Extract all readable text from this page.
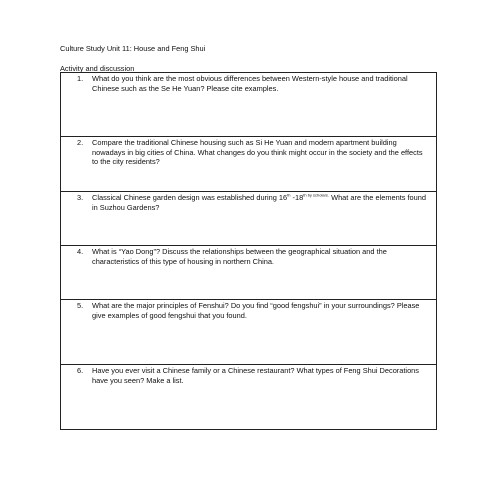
Culture Study Unit 11: House and Feng Shui
Activity and discussion
1.	What do you think are the most obvious differences between Western-style house and traditional Chinese such as the Se He Yuan? Please cite examples.

2.	Compare the traditional Chinese housing such as Si He Yuan and modern apartment building nowadays in big cities of China. What changes do you think might occur in the society and the effects to the city residents?

3.	Classical Chinese garden design was established during 16th $-18^{th by scholars.}$ What are the elements found in Suzhou Gardens?

4.	What is “Yao Dong”? Discuss the relationships between the geographical situation and the characteristics of this type of housing in northern China.

5.	What are the major principles of Fenshui? Do you find “good fengshui” in your surroundings? Please give examples of good fengshui that you found.

6.	Have you ever visit a Chinese family or a Chinese restaurant? What types of Feng Shui Decorations have you seen? Make a list.
